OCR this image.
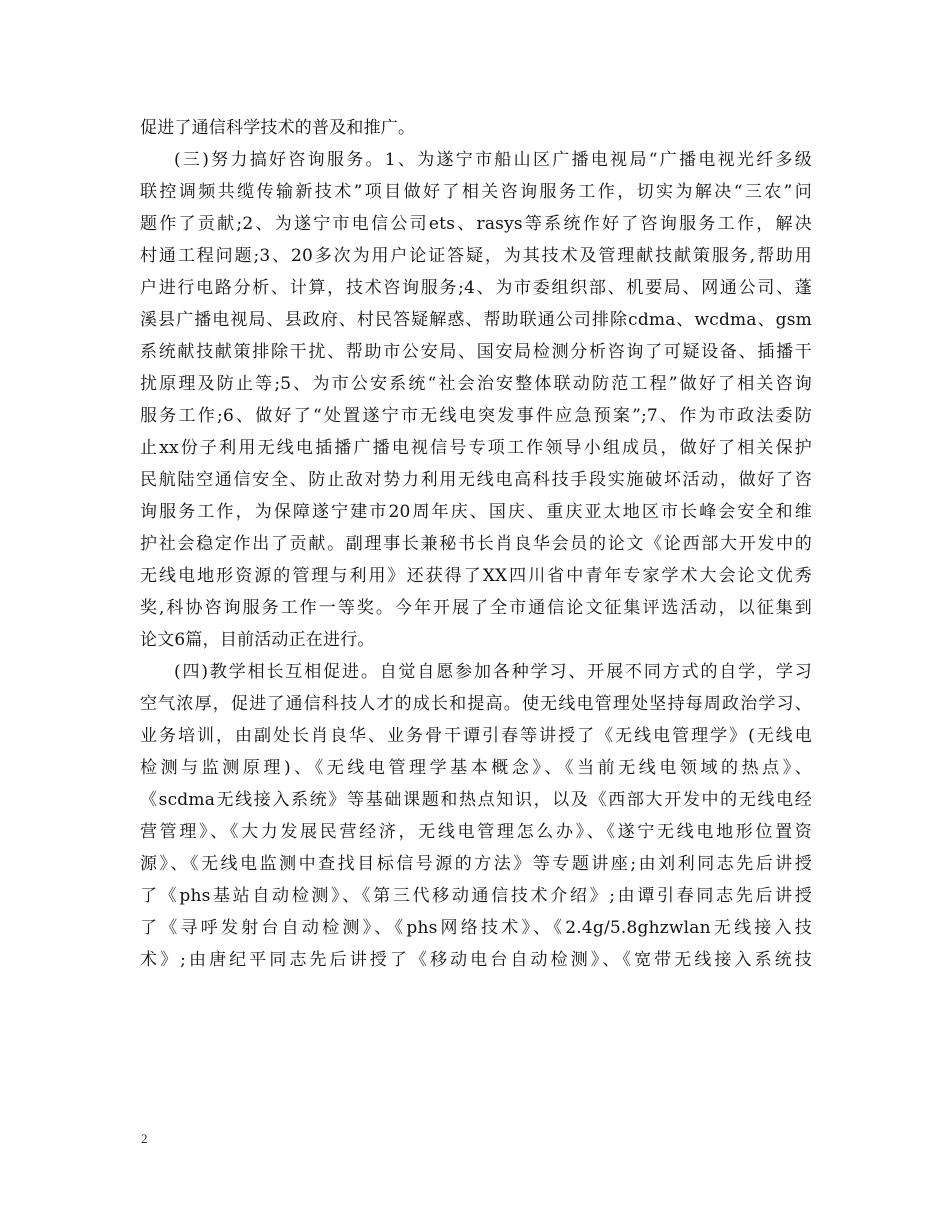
促进了通信科学技术的普及和推广。
(三)努力搞好咨询服务。1、为遂宁市船山区广播电视局“广播电视光纤多级
联控调频共缆传输新技术”项目做好了相关咨询服务工作，切实为解决“三农”问
题作了贡献;2、为遂宁市电信公司ets、rasys等系统作好了咨询服务工作，解决
村通工程问题;3、20多次为用户论证答疑，为其技术及管理献技献策服务,帮助用
户进行电路分析、计算，技术咨询服务;4、为市委组织部、机要局、网通公司、蓬
溪县广播电视局、县政府、村民答疑解惑、帮助联通公司排除cdma、wcdma、gsm
系统献技献策排除干扰、帮助市公安局、国安局检测分析咨询了可疑设备、插播干
扰原理及防止等;5、为市公安系统“社会治安整体联动防范工程”做好了相关咨询
服务工作;6、做好了“处置遂宁市无线电突发事件应急预案”;7、作为市政法委防
止xx份子利用无线电插播广播电视信号专项工作领导小组成员，做好了相关保护
民航陆空通信安全、防止敌对势力利用无线电高科技手段实施破坏活动，做好了咨
询服务工作，为保障遂宁建市20周年庆、国庆、重庆亚太地区市长峰会安全和维
护社会稳定作出了贡献。副理事长兼秘书长肖良华会员的论文《论西部大开发中的
无线电地形资源的管理与利用》还获得了XX四川省中青年专家学术大会论文优秀
奖,科协咨询服务工作一等奖。今年开展了全市通信论文征集评选活动，以征集到
论文6篇，目前活动正在进行。
(四)教学相长互相促进。自觉自愿参加各种学习、开展不同方式的自学，学习
空气浓厚，促进了通信科技人才的成长和提高。使无线电管理处坚持每周政治学习、
业务培训，由副处长肖良华、业务骨干谭引春等讲授了《无线电管理学》(无线电
检测与监测原理)、《无线电管理学基本概念》、《当前无线电领域的热点》、
《scdma无线接入系统》等基础课题和热点知识，以及《西部大开发中的无线电经
营管理》、《大力发展民营经济，无线电管理怎么办》、《遂宁无线电地形位置资
源》、《无线电监测中查找目标信号源的方法》等专题讲座;由刘利同志先后讲授
了《phs基站自动检测》、《第三代移动通信技术介绍》;由谭引春同志先后讲授
了《寻呼发射台自动检测》、《phs网络技术》、《2.4g/5.8ghzwlan无线接入技
术》;由唐纪平同志先后讲授了《移动电台自动检测》、《宽带无线接入系统技
2
